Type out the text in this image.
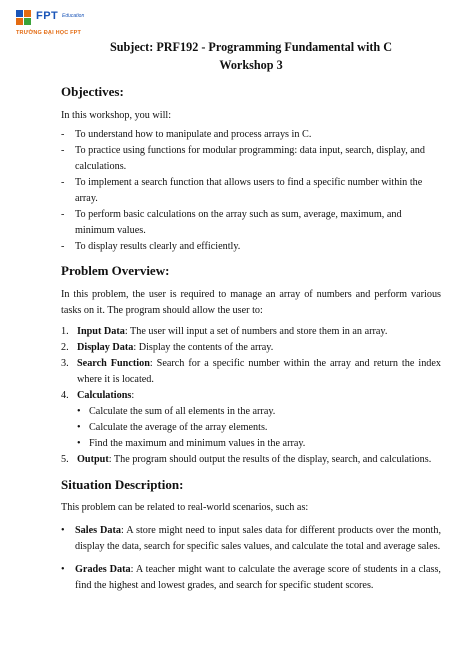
FPT Education
TRƯỜNG ĐẠI HỌC FPT
Subject: PRF192 - Programming Fundamental with C
Workshop 3
Objectives:

In this workshop, you will:

- To understand how to manipulate and process arrays in C.
- To practice using functions for modular programming: data input, search, display, and calculations.
- To implement a search function that allows users to find a specific number within the array.
- To perform basic calculations on the array such as sum, average, maximum, and minimum values.
- To display results clearly and efficiently.
Problem Overview:

In this problem, the user is required to manage an array of numbers and perform various tasks on it. The program should allow the user to:

1. Input Data: The user will input a set of numbers and store them in an array.
2. Display Data: Display the contents of the array.
3. Search Function: Search for a specific number within the array and return the index where it is located.
4. Calculations:
• Calculate the sum of all elements in the array.
• Calculate the average of the array elements.
• Find the maximum and minimum values in the array.
5. Output: The program should output the results of the display, search, and calculations.
Situation Description:

This problem can be related to real-world scenarios, such as:

• Sales Data: A store might need to input sales data for different products over the month, display the data, search for specific sales values, and calculate the total and average sales.
• Grades Data: A teacher might want to calculate the average score of students in a class, find the highest and lowest grades, and search for specific student scores.
